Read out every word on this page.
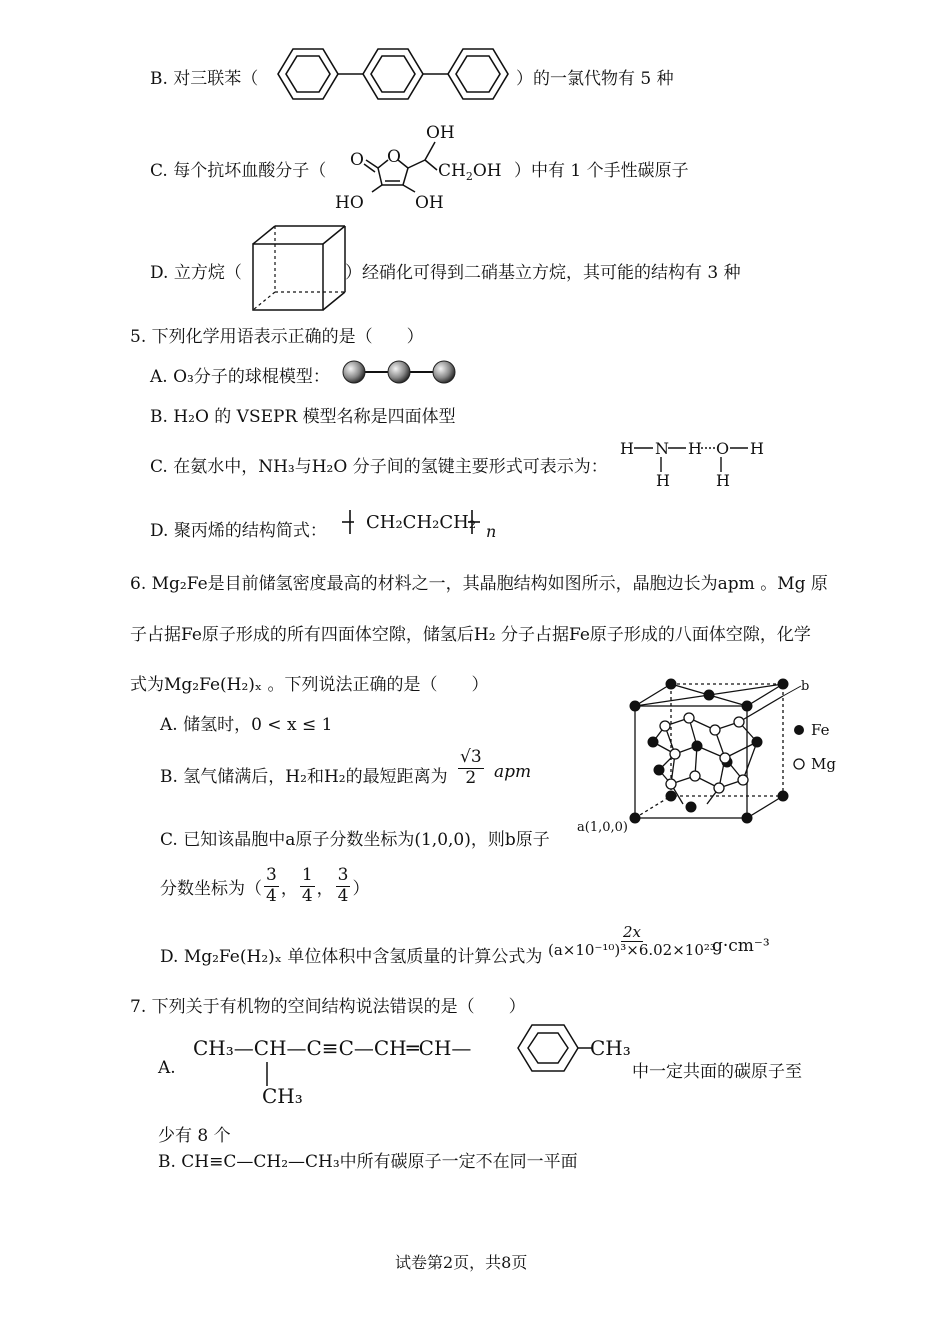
B. 对三联苯（	）的一氯代物有 5 种
C. 每个抗坏血酸分子（
O O
OH
$CH_2OH$
HO	OH
）中有 1 个手性碳原子
D. 立方烷（	）经硝化可得到二硝基立方烷，其可能的结构有 3 种
5. 下列化学用语表示正确的是（　　）
A. O₃分子的球棍模型：
B. H₂O 的 VSEPR 模型名称是四面体型
C. 在氨水中，NH₃与H₂O 分子间的氢键主要形式可表示为：
H N H O H
H	H
D. 聚丙烯的结构简式： CH₂CH₂CH₂ n
6. Mg₂Fe是目前储氢密度最高的材料之一，其晶胞结构如图所示，晶胞边长为apm 。Mg 原
子占据Fe原子形成的所有四面体空隙，储氢后H₂ 分子占据Fe原子形成的八面体空隙，化学
式为Mg₂Fe(H₂)ₓ 。下列说法正确的是（　　）
A. 储氢时，0 < x ≤ 1
B. 氢气储满后，H₂和H₂的最短距离为 $\frac{√3}{2}$ apm
C. 已知该晶胞中a原子分数坐标为(1,0,0)，则b原子
分数坐标为（ $\frac{3}{4}$ ， $\frac{1}{4}$ ， $\frac{3}{4}$ ）
D. Mg₂Fe(H₂)ₓ 单位体积中含氢质量的计算公式为 $\frac{2x}{\text{(a×10⁻¹⁰)³×6.02×10²³}}$
g·cm⁻³
b
a(1,0,0)
Fe
Mg
7. 下列关于有机物的空间结构说法错误的是（　　）
A.
CH₃—CH—C≡C—CH═CH—	CH₃
CH₃
中一定共面的碳原子至
少有 8 个
B. CH≡C—CH₂—CH₃中所有碳原子一定不在同一平面
试卷第2页，共8页
